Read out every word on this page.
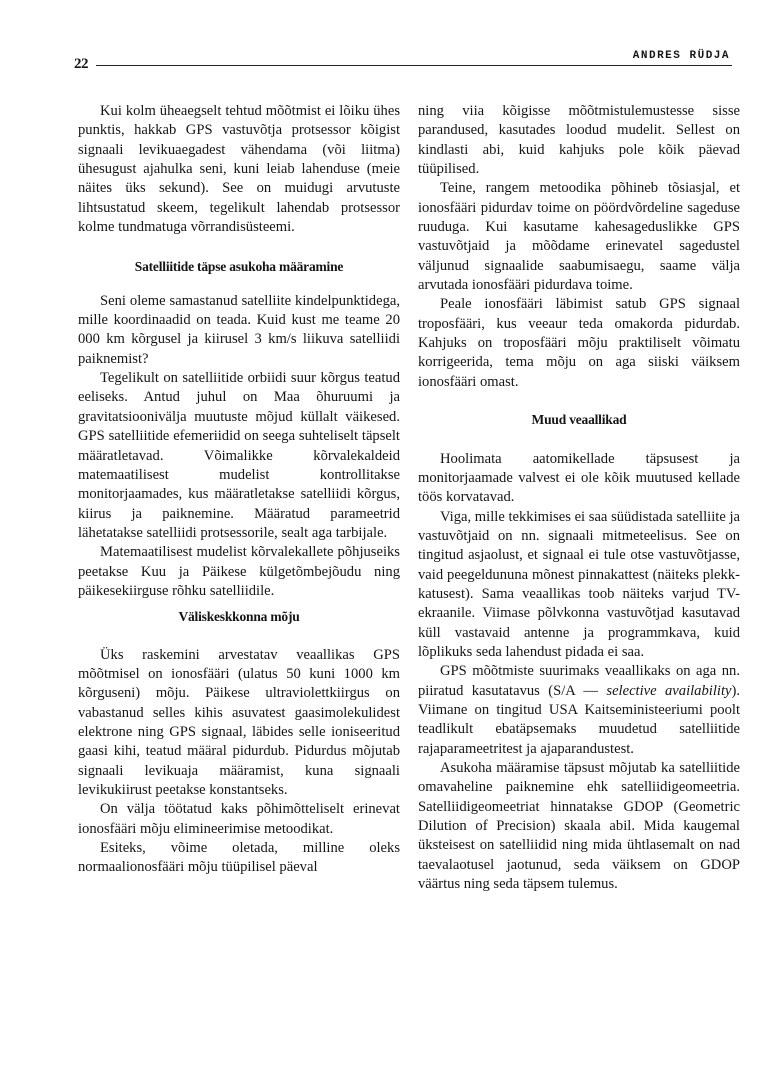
22	ANDRES RÜDJA

Kui kolm üheaegselt tehtud mõõtmist ei lõiku ühes punktis, hakkab GPS vastuvõtja protsessor kõigist signaali levikuaegadest vähendama (või liitma) ühesugust ajahulka seni, kuni leiab lahenduse (meie näites üks sekund). See on muidugi arvutuste lihtsustatud skeem, tegelikult lahendab protsessor kolme tundmatuga võrrandisüsteemi.

Satelliitide täpse asukoha määramine

Seni oleme samastanud satelliite kindelpunktidega, mille koordinaadid on teada. Kuid kust me teame 20 000 km kõrgusel ja kiirusel 3 km/s liikuva satelliidi paiknemist?

Tegelikult on satelliitide orbiidi suur kõrgus teatud eeliseks. Antud juhul on Maa õhuruumi ja gravitatsioonivälja muutuste mõjud küllalt väikesed. GPS satelliitide efemeriidid on seega suhteliselt täpselt määratletavad. Võimalikke kõrvalekaldeid matemaatilisest mudelist kontrollitakse monitorjaamades, kus määratletakse satelliidi kõrgus, kiirus ja paiknemine. Määratud parameetrid lähetatakse satelliidi protsessorile, sealt aga tarbijale.

Matemaatilisest mudelist kõrvalekallete põhjuseiks peetakse Kuu ja Päikese külgetõmbejõudu ning päikesekiirguse rõhku satelliidile.

Väliskeskkonna mõju

Üks raskemini arvestatav veaallikas GPS mõõtmisel on ionosfääri (ulatus 50 kuni 1000 km kõrguseni) mõju. Päikese ultraviolettkiirgus on vabastanud selles kihis asuvatest gaasimolekulidest elektrone ning GPS signaal, läbides selle ioniseeritud gaasi kihi, teatud määral pidurdub. Pidurdus mõjutab signaali levikuaja määramist, kuna signaali levikukiirust peetakse konstantseks.

On välja töötatud kaks põhimõtteliselt erinevat ionosfääri mõju elimineerimise metoodikat.

Esiteks, võime oletada, milline oleks normaalionosfääri mõju tüüpilisel päeval

ning viia kõigisse mõõtmistulemustesse sisse parandused, kasutades loodud mudelit. Sellest on kindlasti abi, kuid kahjuks pole kõik päevad tüüpilised.

Teine, rangem metoodika põhineb tõsiasjal, et ionosfääri pidurdav toime on pöördvõrdeline sageduse ruuduga. Kui kasutame kahesageduslikke GPS vastuvõtjaid ja mõõdame erinevatel sagedustel väljunud signaalide saabumisaegu, saame välja arvutada ionosfääri pidurdava toime.

Peale ionosfääri läbimist satub GPS signaal troposfääri, kus veeaur teda omakorda pidurdab. Kahjuks on troposfääri mõju praktiliselt võimatu korrigeerida, tema mõju on aga siiski väiksem ionosfääri omast.

Muud veaallikad

Hoolimata aatomikellade täpsusest ja monitorjaamade valvest ei ole kõik muutused kellade töös korvatavad.

Viga, mille tekkimises ei saa süüdistada satelliite ja vastuvõtjaid on nn. signaali mitmeteelisus. See on tingitud asjaolust, et signaal ei tule otse vastuvõtjasse, vaid peegeldununa mõnest pinnakattest (näiteks plekk-katusest). Sama veaallikas toob näiteks varjud TV-ekraanile. Viimase põlvkonna vastuvõtjad kasutavad küll vastavaid antenne ja programmkava, kuid lõplikuks seda lahendust pidada ei saa.

GPS mõõtmiste suurimaks veaallikaks on aga nn. piiratud kasutatavus (S/A — selective availability). Viimane on tingitud USA Kaitseministeeriumi poolt teadlikult ebatäpsemaks muudetud satelliitide rajaparameetritest ja ajaparandustest.

Asukoha määramise täpsust mõjutab ka satelliitide omavaheline paiknemine ehk satelliidigeomeetria. Satelliidigeomeetriat hinnatakse GDOP (Geometric Dilution of Precision) skaala abil. Mida kaugemal üksteisest on satelliidid ning mida ühtlasemalt on nad taevalaotusel jaotunud, seda väiksem on GDOP väärtus ning seda täpsem tulemus.
